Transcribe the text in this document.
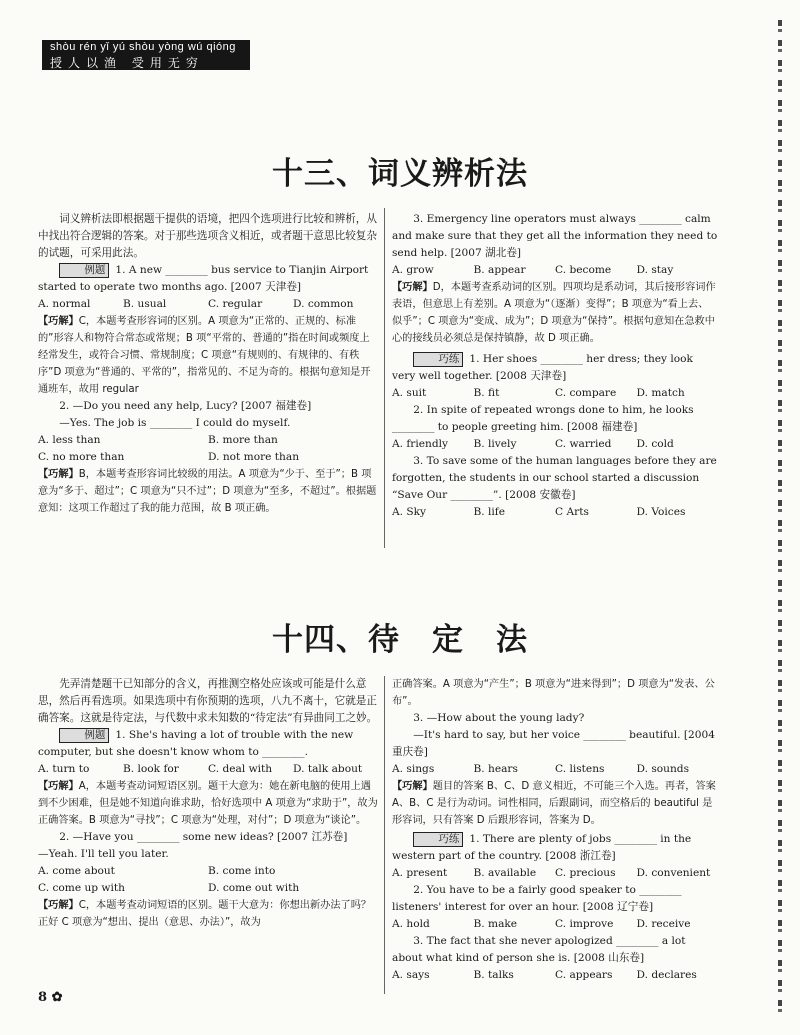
shòu rén yǐ yú shòu yòng wú qióng
授人以渔 受用无穷
十三、词义辨析法

词义辨析法即根据题干提供的语境，把四个选项进行比较和辨析，从中找出符合逻辑的答案。对于那些选项含义相近，或者题干意思比较复杂的试题，可采用此法。

例题 1. A new ________ bus service to Tianjin Airport started to operate two months ago. [2007 天津卷]

A. normal	B. usual	C. regular	D. common

【巧解】C，本题考查形容词的区别。A 项意为“正常的、正规的、标准的”形容人和物符合常态或常规；B 项“平常的、普通的”指在时间或频度上经常发生，或符合习惯、常规制度；C 项意“有规则的、有规律的、有秩序”D 项意为“普通的、平常的”，指常见的、不足为奇的。根据句意知是开通班车，故用 regular

2. —Do you need any help, Lucy? [2007 福建卷]

—Yes. The job is ________ I could do myself.

A. less than	B. more than
C. no more than	D. not more than

【巧解】B，本题考查形容词比较级的用法。A 项意为“少于、至于”；B 项意为“多于、超过”；C 项意为“只不过”；D 项意为“至多，不超过”。根据题意知：这项工作超过了我的能力范围，故 B 项正确。

3. Emergency line operators must always ________ calm and make sure that they get all the information they need to send help. [2007 湖北卷]

A. grow	B. appear	C. become	D. stay

【巧解】D，本题考查系动词的区别。四项均是系动词，其后接形容词作表语，但意思上有差别。A 项意为“（逐渐）变得”；B 项意为“看上去、似乎”；C 项意为“变成、成为”；D 项意为“保持”。根据句意知在急救中心的接线员必须总是保持镇静，故 D 项正确。

巧练 1. Her shoes ________ her dress; they look very well together. [2008 天津卷]

A. suit	B. fit	C. compare	D. match

2. In spite of repeated wrongs done to him, he looks ________ to people greeting him. [2008 福建卷]

A. friendly	B. lively	C. warried	D. cold

3. To save some of the human languages before they are forgotten, the students in our school started a discussion “Save Our ________”. [2008 安徽卷]

A. Sky	B. life	C Arts	D. Voices
十四、待　定　法

先弄清楚题干已知部分的含义，再推测空格处应该或可能是什么意思，然后再看选项。如果选项中有你预期的选项，八九不离十，它就是正确答案。这就是待定法，与代数中求未知数的“待定法”有异曲同工之妙。

例题 1. She's having a lot of trouble with the new computer, but she doesn't know whom to ________.

A. turn to	B. look for	C. deal with	D. talk about

【巧解】A，本题考查动词短语区别。题干大意为：她在新电脑的使用上遇到不少困难，但是她不知道向谁求助，恰好选项中 A 项意为“求助于”，故为正确答案。B 项意为“寻找”；C 项意为“处理，对付”；D 项意为“谈论”。

2. —Have you ________ some new ideas? [2007 江苏卷]

—Yeah. I'll tell you later.

A. come about	B. come into
C. come up with	D. come out with

【巧解】C，本题考查动词短语的区别。题干大意为：你想出新办法了吗？正好 C 项意为“想出、提出（意思、办法）”，故为

正确答案。A 项意为“产生”；B 项意为“进来得到”；D 项意为“发表、公布”。

3. —How about the young lady?

—It's hard to say, but her voice ________ beautiful. [2004 重庆卷]

A. sings	B. hears	C. listens	D. sounds

【巧解】题目的答案 B、C、D 意义相近，不可能三个入选。再者，答案 A、B、C 是行为动词。词性相同，后跟副词，而空格后的 beautiful 是形容词，只有答案 D 后跟形容词，答案为 D。

巧练 1. There are plenty of jobs ________ in the western part of the country. [2008 浙江卷]

A. present	B. available	C. precious	D. convenient

2. You have to be a fairly good speaker to ________ listeners' interest for over an hour. [2008 辽宁卷]

A. hold	B. make	C. improve	D. receive

3. The fact that she never apologized ________ a lot about what kind of person she is. [2008 山东卷]

A. says	B. talks	C. appears	D. declares
8 ✿
